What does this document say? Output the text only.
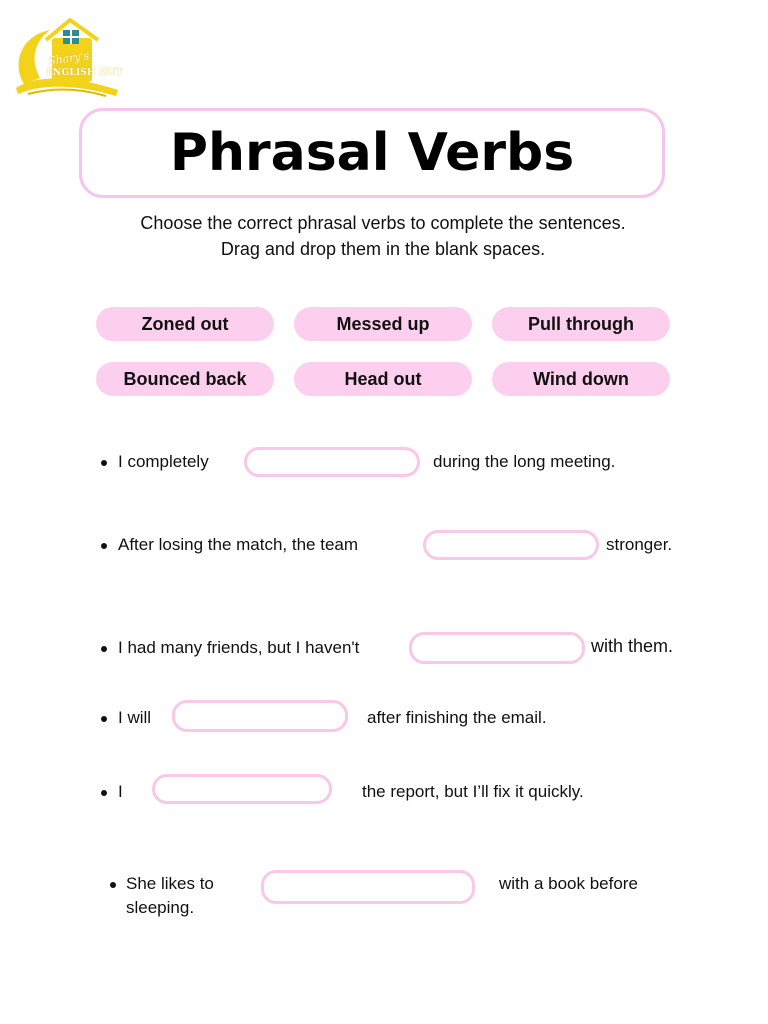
Shary's
ENGLISH HUT
Phrasal Verbs
Choose the correct phrasal verbs to complete the sentences.
Drag and drop them in the blank spaces.
Zoned out	Messed up	Pull through
Bounced back	Head out	Wind down
I completely	during the long meeting.
After losing the match, the team	stronger.
I had many friends, but I haven't	with them.
I will	after finishing the email.
I	the report, but I’ll fix it quickly.
She likes to
sleeping.
with a book before
